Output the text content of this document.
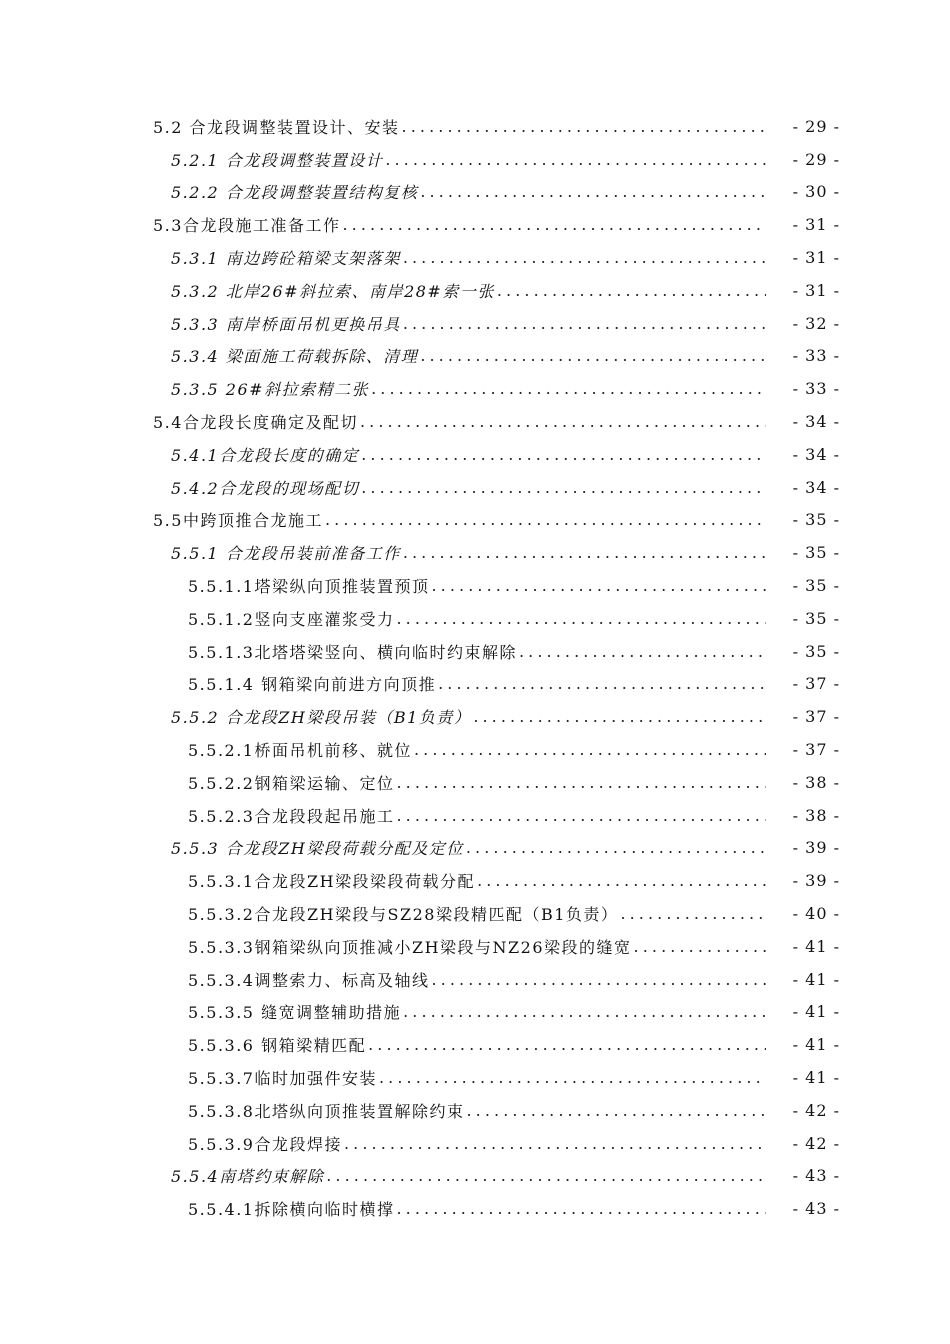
5.2 合龙段调整装置设计、安装 .....	- 29 -
5.2.1 合龙段调整装置设计 .....	- 29 -
5.2.2 合龙段调整装置结构复核 .....	- 30 -
5.3合龙段施工准备工作 .....	- 31 -
5.3.1 南边跨砼箱梁支架落架 .....	- 31 -
5.3.2 北岸26#斜拉索、南岸28#索一张 .....	- 31 -
5.3.3 南岸桥面吊机更换吊具 .....	- 32 -
5.3.4 梁面施工荷载拆除、清理 .....	- 33 -
5.3.5 26#斜拉索精二张 .....	- 33 -
5.4合龙段长度确定及配切 .....	- 34 -
5.4.1合龙段长度的确定 .....	- 34 -
5.4.2合龙段的现场配切 .....	- 34 -
5.5中跨顶推合龙施工 .....	- 35 -
5.5.1 合龙段吊装前准备工作 .....	- 35 -
5.5.1.1塔梁纵向顶推装置预顶 .....	- 35 -
5.5.1.2竖向支座灌浆受力 .....	- 35 -
5.5.1.3北塔塔梁竖向、横向临时约束解除 .....	- 35 -
5.5.1.4 钢箱梁向前进方向顶推 .....	- 37 -
5.5.2 合龙段ZH梁段吊装（B1负责） .....	- 37 -
5.5.2.1桥面吊机前移、就位 .....	- 37 -
5.5.2.2钢箱梁运输、定位 .....	- 38 -
5.5.2.3合龙段段起吊施工 .....	- 38 -
5.5.3 合龙段ZH梁段荷载分配及定位 .....	- 39 -
5.5.3.1合龙段ZH梁段梁段荷载分配 .....	- 39 -
5.5.3.2合龙段ZH梁段与SZ28梁段精匹配（B1负责） .....	- 40 -
5.5.3.3钢箱梁纵向顶推减小ZH梁段与NZ26梁段的缝宽 .....	- 41 -
5.5.3.4调整索力、标高及轴线 .....	- 41 -
5.5.3.5 缝宽调整辅助措施 .....	- 41 -
5.5.3.6 钢箱梁精匹配 .....	- 41 -
5.5.3.7临时加强件安装 .....	- 41 -
5.5.3.8北塔纵向顶推装置解除约束 .....	- 42 -
5.5.3.9合龙段焊接 .....	- 42 -
5.5.4南塔约束解除 .....	- 43 -
5.5.4.1拆除横向临时横撑 .....	- 43 -
